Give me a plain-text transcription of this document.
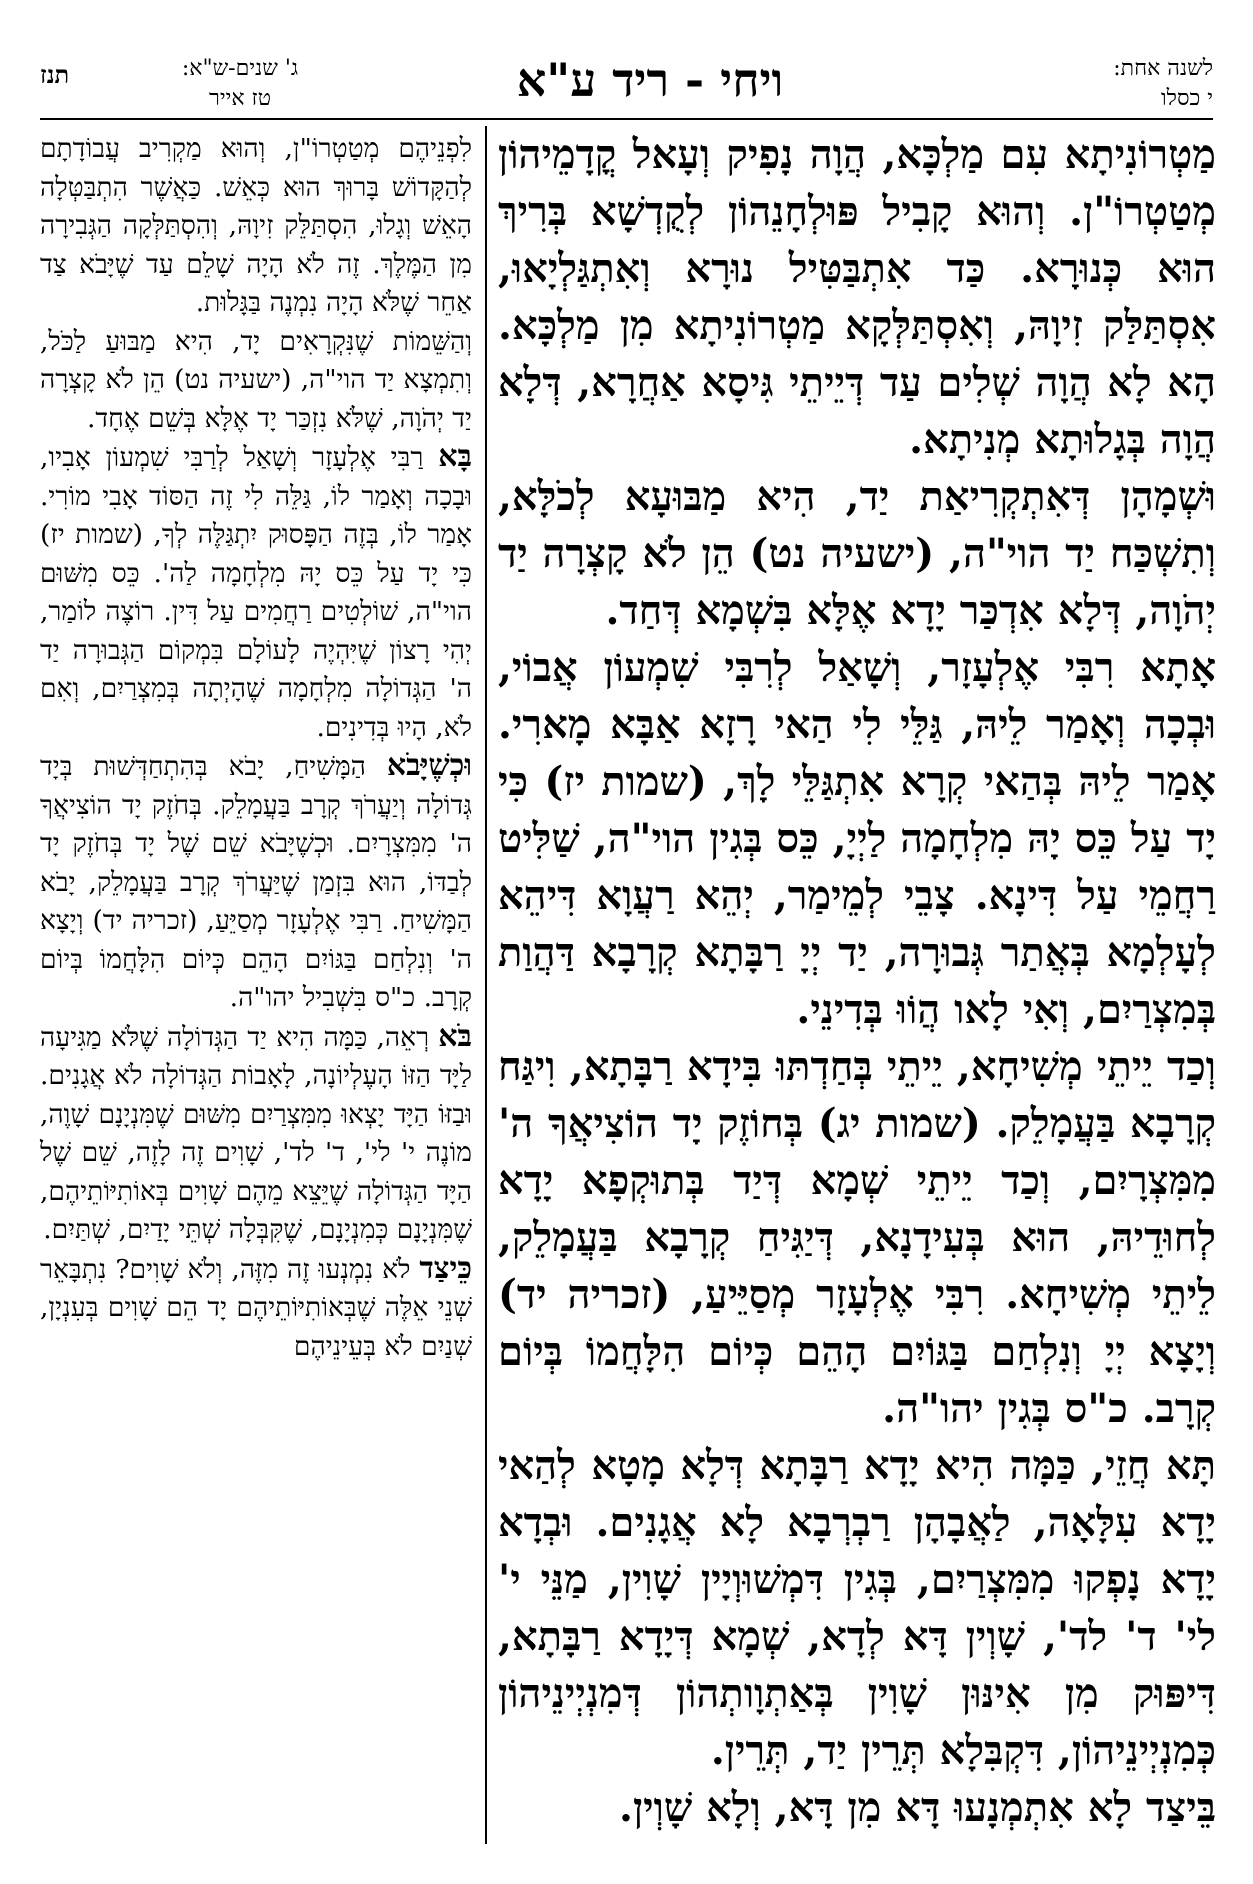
תנז	ג' שנים-ש"א:
טז אייר	ויחי - ריד ע"א	לשנה אחת:
י כסלו

מַטְרוֹנִיתָא עִם מַלְכָּא, הֲוָה נָפִיק וְעָאל קֳדָמֵיהוֹן מְטַטְרוֹ"ן. וְהוּא קָבִיל פּוּלְחָנֵהוֹן לְקֻדְשָׁא בְּרִיךְ הוּא כְּנוּרָא. כַּד אִתְבַּטִּיל נוּרָא וְאִתְגַּלְיָאוּ, אִסְתַּלַּק זִיוָהּ, וְאִסְתַּלְּקָא מַטְרוֹנִיתָא מִן מַלְכָּא. הָא לָא הֲוָה שְׁלִים עַד דְּיֵיתֵי גִּיסָא אַחֲרָא, דְּלָא הֲוָה בְּגָלוּתָא מְנִיתָא.

וּשְׁמָהָן דְּאִתְקְרִיאַת יַד, הִיא מַבּוּעָא לְכֹלָּא, וְתִשְׁכַּח יַד הוי"ה, (ישעיה נט) הֵן לֹא קָצְרָה יַד יְהֹוָה, דְּלָא אִדְכַּר יָדָא אֶלָּא בִּשְׁמָא דְּחַד.

אָתָא רִבִּי אֶלְעָזָר, וְשָׁאַל לְרִבִּי שִׁמְעוֹן אֲבוֹי, וּבְכָה וְאָמַר לֵיהּ, גַּלֵּי לִי הַאי רָזָא אַבָּא מָארִי. אָמַר לֵיהּ בְּהַאי קְרָא אִתְגַּלֵּי לָךְ, (שמות יז) כִּי יָד עַל כֵּס יָהּ מִלְחָמָה לַיְיָ, כֵּס בְּגִין הוי"ה, שַׁלִּיט רַחֲמֵי עַל דִּינָא. צָבֵי לְמֵימַר, יְהֵא רַעֲוָא דִּיהֵא לְעָלְמָא בְּאֲתַר גְּבוּרָה, יַד יְיָ רַבָּתָא קְרָבָא דַּהֲוַת בְּמִצְרַיִם, וְאִי לָאו הֲוֹוּ בְּדִינֵי.

וְכַד יֵיתֵי מְשִׁיחָא, יֵיתֵי בְּחַדְתּוּ בִּידָא רַבָּתָא, וִיגַּח קְרָבָא בַּעֲמָלֵק. (שמות יג) בְּחוֹזֶק יָד הוֹצִיאֲךָ ה' מִמִּצְרָיִם, וְכַד יֵיתֵי שְׁמָא דְּיַד בְּתוּקְפָא יָדָא לְחוּדֵיהּ, הוּא בְּעִידָנָא, דְּיַגִּיחַ קְרָבָא בַּעֲמָלֵק, לֵיתֵי מְשִׁיחָא. רִבִּי אֶלְעָזָר מְסַיֵּיעַ, (זכריה יד) וְיָצָא יְיָ וְנִלְחַם בַּגּוֹיִם הָהֵם כְּיוֹם הִלָּחֲמוֹ בְּיוֹם קְרָב. כ"ס בְּגִין יהו"ה.

תָּא חֲזֵי, כַּמָּה הִיא יָדָא רַבָּתָא דְּלָא מָטָא לְהַאי יָדָא עִלָּאָה, לַאֲבָהָן רַבְרְבָא לָא אֲגָנִים. וּבְדָא יָדָא נָפְקוּ מִמִּצְרַיִם, בְּגִין דִּמְשׁוּוְיָין שָׁוִין, מַנֵּי י' לי' ד' לד', שָׁוְין דָּא לְדָא, שְׁמָא דְּיָדָא רַבָּתָא, דִּיפּוּק מִן אִינּוּן שָׁוִין בְּאַתְוָותְהוֹן דְּמִנְיְינֵיהוֹן כְּמִנְיְינֵיהוֹן, דִּקְבִּלָא תְּרֵין יַד, תְּרֵין.

בֵּיצַד לָא אִתְמְנָעוּ דָּא מִן דָּא, וְלָא שָׁוְין.

לִפְנֵיהֶם מְטַטְרוֹ"ן, וְהוּא מַקְרִיב עֲבוֹדָתָם לְהַקָּדוֹשׁ בָּרוּךְ הוּא כְּאֵשׁ. כַּאֲשֶׁר הִתְבַּטְּלָה הָאֵשׁ וְגָלוּ, הִסְתַּלֵּק זִיוָהּ, וְהִסְתַּלְּקָה הַגְּבִירָה מִן הַמֶּלֶךְ. זֶה לֹא הָיָה שָׁלֵם עַד שֶׁיָּבֹא צַד אַחֵר שֶׁלֹּא הָיָה נִמְנֶה בַּגָּלוּת.

וְהַשֵּׁמוֹת שֶׁנִּקְרָאִים יָד, הִיא מַבּוּעַ לַכֹּל, וְתִמְצָא יַד הוי"ה, (ישעיה נט) הֵן לֹא קָצְרָה יַד יְהֹוָה, שֶׁלֹּא נִזְכַּר יָד אֶלָּא בְּשֵׁם אֶחָד.

בָּא רַבִּי אֶלְעָזָר וְשָׁאַל לְרַבִּי שִׁמְעוֹן אָבִיו, וּבָכָה וְאָמַר לוֹ, גַּלֵּה לִי זֶה הַסּוֹד אָבִי מוֹרִי. אָמַר לוֹ, בְּזֶה הַפָּסוּק יִתְגַּלֶּה לְךָ, (שמות יז) כִּי יָד עַל כֵּס יָהּ מִלְחָמָה לַה'. כֵּס מִשּׁוּם הוי"ה, שׁוֹלְטִים רַחֲמִים עַל דִּין. רוֹצֶה לוֹמַר, יְהִי רָצוֹן שֶׁיִּהְיֶה לָעוֹלָם בִּמְקוֹם הַגְּבוּרָה יַד ה' הַגְּדוֹלָה מִלְחָמָה שֶׁהָיְתָה בְּמִצְרַיִם, וְאִם לֹא, הָיוּ בְּדִינִים.

וּכְשֶׁיָּבֹא הַמָּשִׁיחַ, יָבֹא בְּהִתְחַדְּשׁוּת בְּיָד גְּדוֹלָה וְיַעֲרֹךְ קְרָב בַּעֲמָלֵק. בְּחֹזֶק יָד הוֹצִיאֲךָ ה' מִמִּצְרָיִם. וּכְשֶׁיָּבֹא שֵׁם שֶׁל יָד בְּחֹזֶק יָד לְבַדּוֹ, הוּא בִּזְמַן שֶׁיַּעֲרֹךְ קְרָב בַּעֲמָלֵק, יָבֹא הַמָּשִׁיחַ. רַבִּי אֶלְעָזָר מְסַיֵּעַ, (זכריה יד) וְיָצָא ה' וְנִלְחַם בַּגּוֹיִם הָהֵם כְּיוֹם הִלָּחֲמוֹ בְּיוֹם קְרָב. כ"ס בִּשְׁבִיל יהו"ה.

בֹּא רְאֵה, כַּמָּה הִיא יַד הַגְּדוֹלָה שֶׁלֹּא מַגִּיעָה לַיָּד הַזּוֹ הָעֶלְיוֹנָה, לָאָבוֹת הַגְּדוֹלָה לֹא אֲגָנִים. וּבַזּוֹ הַיָּד יָצְאוּ מִמִּצְרַיִם מִשּׁוּם שֶׁמִּנְיָנָם שָׁוֶה, מוֹנֶה י' לי', ד' לד', שָׁוִים זֶה לָזֶה, שֵׁם שֶׁל הַיָּד הַגְּדוֹלָה שֶׁיֵּצֵא מֵהֶם שָׁוִים בְּאוֹתִיּוֹתֵיהֶם, שֶׁמִּנְיָנָם כְּמִנְיָנָם, שֶׁקִּבְּלָה שְׁתֵּי יָדַיִם, שְׁתַּיִם.

כֵּיצַד לֹא נִמְנְעוּ זֶה מִזֶּה, וְלֹא שָׁוִים? נִתְבָּאֵר שְׁנֵי אֵלֶּה שֶׁבְּאוֹתִיּוֹתֵיהֶם יָד הֵם שָׁוִים בְּעִנְיָן, שְׁנַיִם לֹא בְּעֵינֵיהֶם
